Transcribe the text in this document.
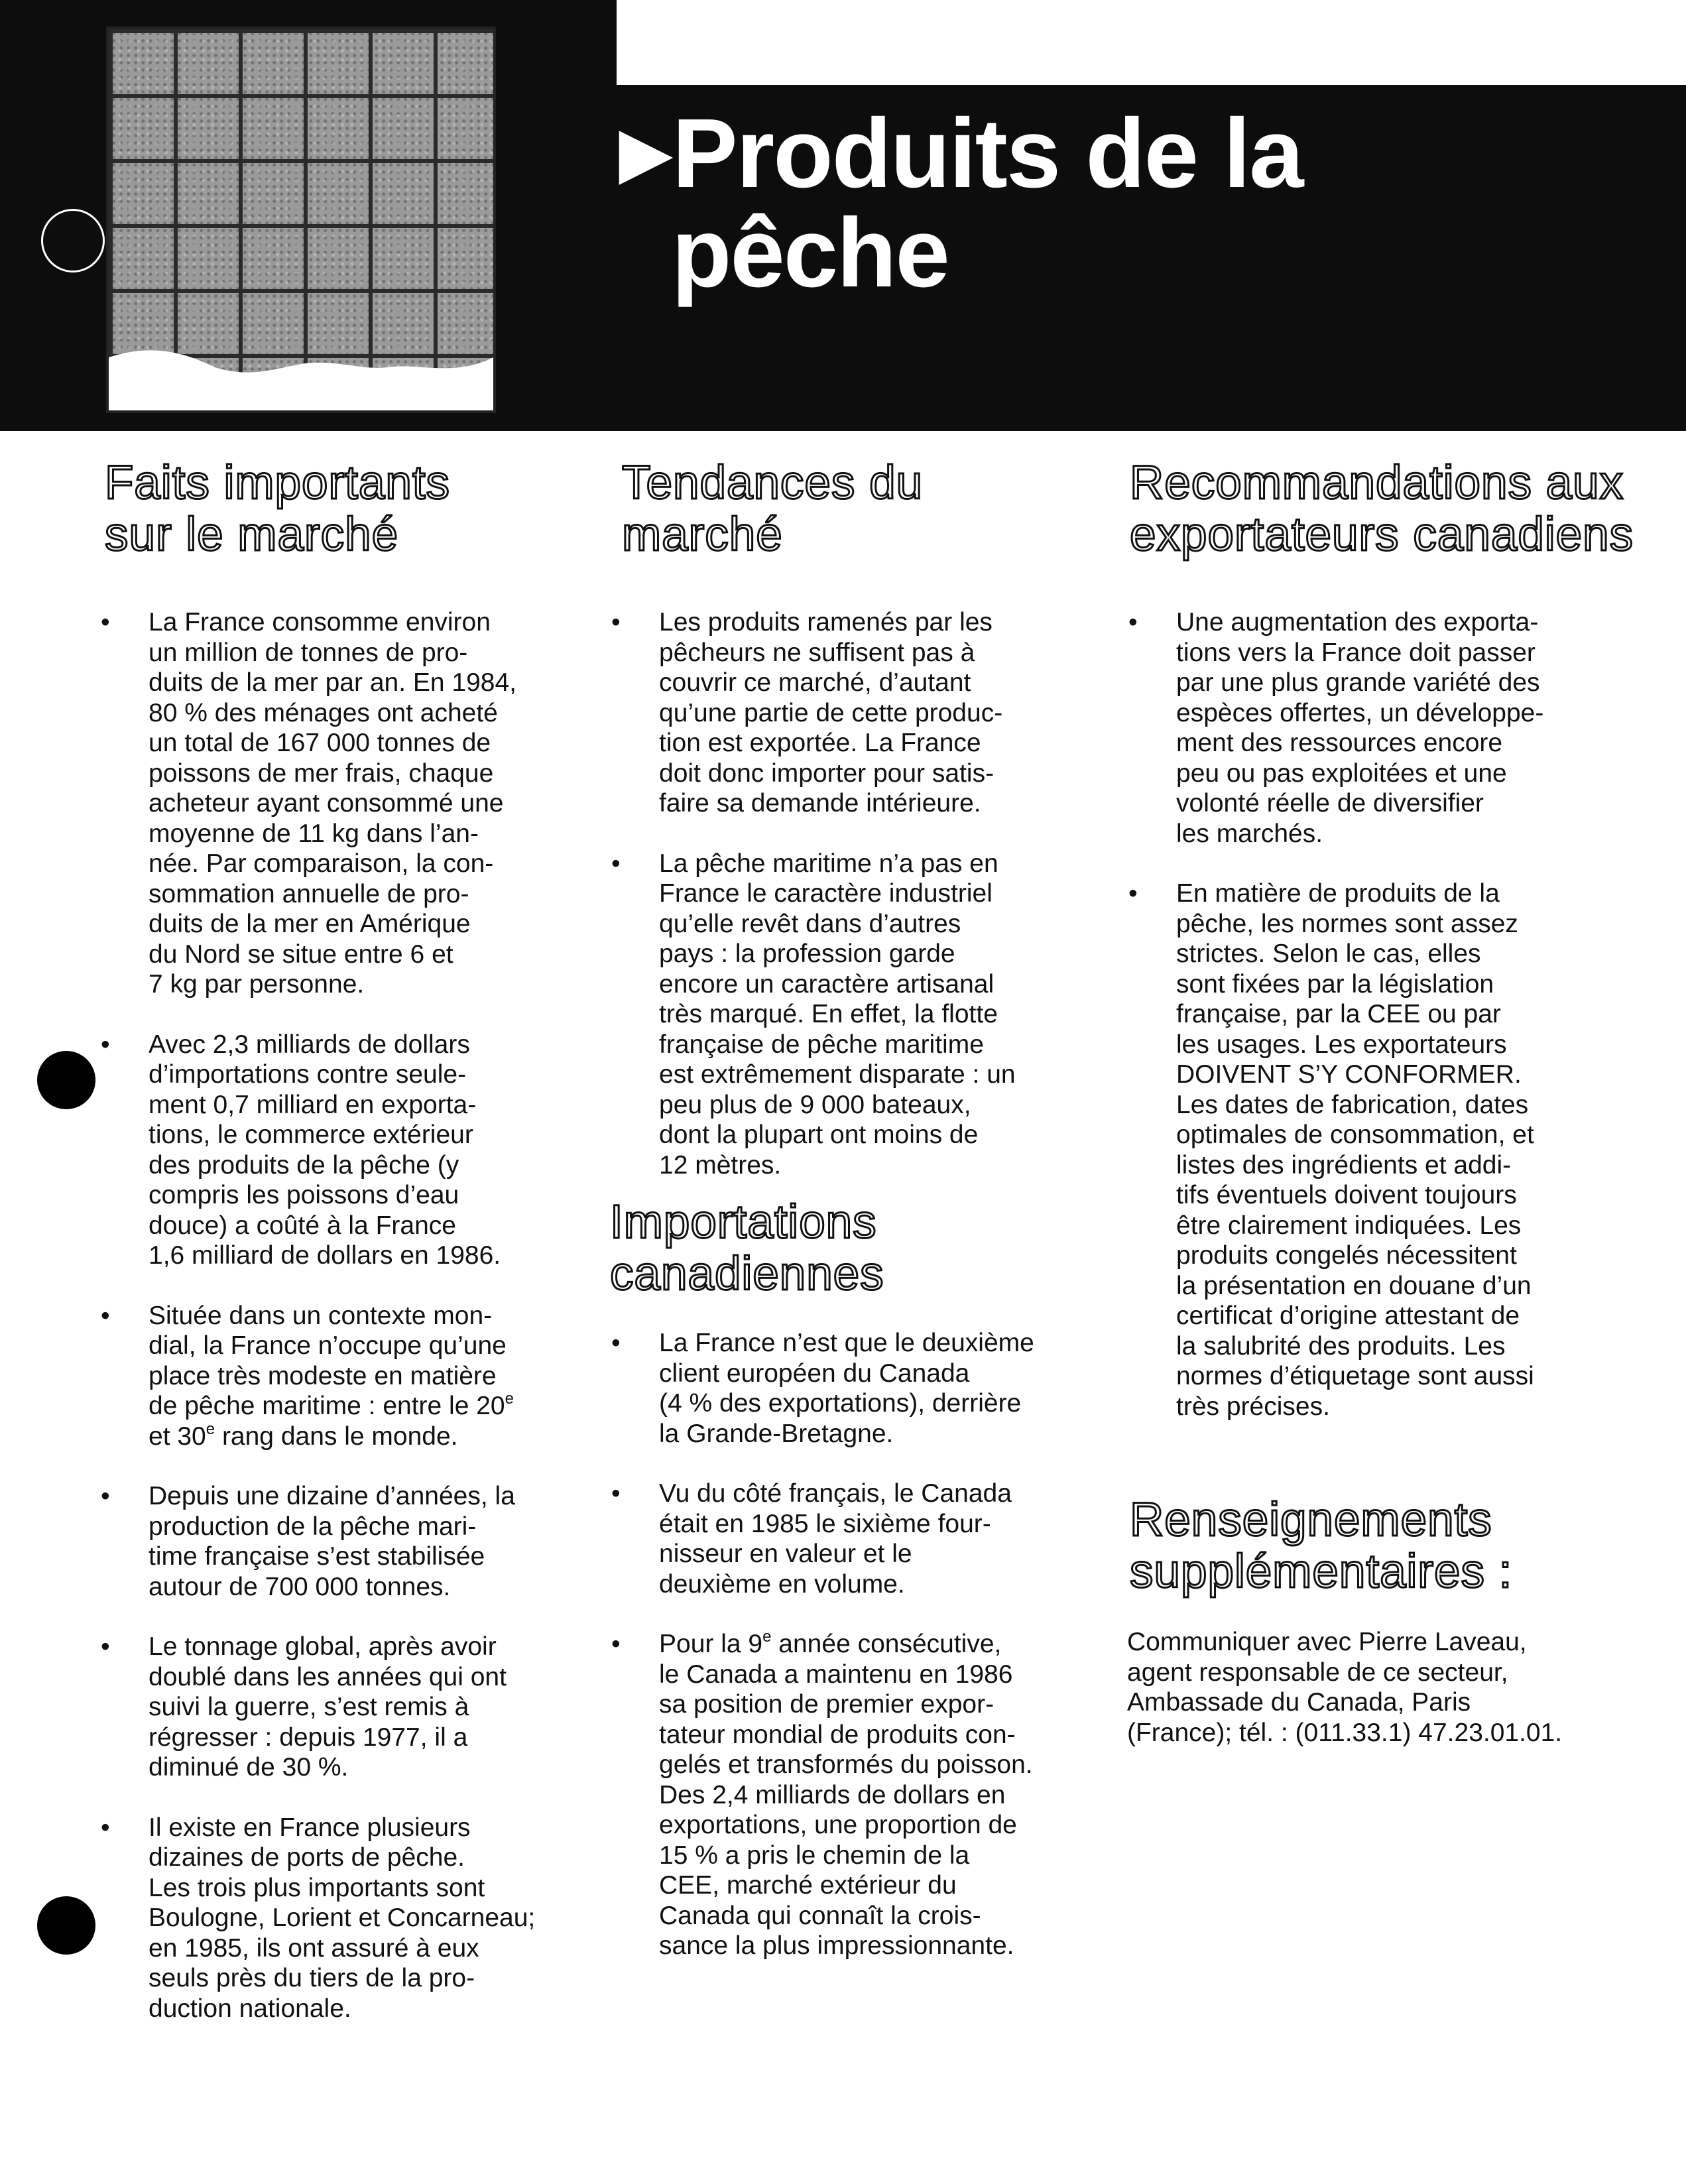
▶Produits de la
pêche
Faits importants
sur le marché
• La France consomme environ
un million de tonnes de pro-
duits de la mer par an. En 1984,
80 % des ménages ont acheté
un total de 167 000 tonnes de
poissons de mer frais, chaque
acheteur ayant consommé une
moyenne de 11 kg dans l’an-
née. Par comparaison, la con-
sommation annuelle de pro-
duits de la mer en Amérique
du Nord se situe entre 6 et
7 kg par personne.
• Avec 2,3 milliards de dollars
d’importations contre seule-
ment 0,7 milliard en exporta-
tions, le commerce extérieur
des produits de la pêche (y
compris les poissons d’eau
douce) a coûté à la France
1,6 milliard de dollars en 1986.
• Située dans un contexte mon-
dial, la France n’occupe qu’une
place très modeste en matière
de pêche maritime : entre le 20e
et 30e rang dans le monde.
• Depuis une dizaine d’années, la
production de la pêche mari-
time française s’est stabilisée
autour de 700 000 tonnes.
• Le tonnage global, après avoir
doublé dans les années qui ont
suivi la guerre, s’est remis à
régresser : depuis 1977, il a
diminué de 30 %.
• Il existe en France plusieurs
dizaines de ports de pêche.
Les trois plus importants sont
Boulogne, Lorient et Concarneau;
en 1985, ils ont assuré à eux
seuls près du tiers de la pro-
duction nationale.
Tendances du
marché
• Les produits ramenés par les
pêcheurs ne suffisent pas à
couvrir ce marché, d’autant
qu’une partie de cette produc-
tion est exportée. La France
doit donc importer pour satis-
faire sa demande intérieure.
• La pêche maritime n’a pas en
France le caractère industriel
qu’elle revêt dans d’autres
pays : la profession garde
encore un caractère artisanal
très marqué. En effet, la flotte
française de pêche maritime
est extrêmement disparate : un
peu plus de 9 000 bateaux,
dont la plupart ont moins de
12 mètres.
Importations
canadiennes
• La France n’est que le deuxième
client européen du Canada
(4 % des exportations), derrière
la Grande-Bretagne.
• Vu du côté français, le Canada
était en 1985 le sixième four-
nisseur en valeur et le
deuxième en volume.
• Pour la 9e année consécutive,
le Canada a maintenu en 1986
sa position de premier expor-
tateur mondial de produits con-
gelés et transformés du poisson.
Des 2,4 milliards de dollars en
exportations, une proportion de
15 % a pris le chemin de la
CEE, marché extérieur du
Canada qui connaît la crois-
sance la plus impressionnante.
Recommandations aux
exportateurs canadiens
• Une augmentation des exporta-
tions vers la France doit passer
par une plus grande variété des
espèces offertes, un développe-
ment des ressources encore
peu ou pas exploitées et une
volonté réelle de diversifier
les marchés.
• En matière de produits de la
pêche, les normes sont assez
strictes. Selon le cas, elles
sont fixées par la législation
française, par la CEE ou par
les usages. Les exportateurs
DOIVENT S’Y CONFORMER.
Les dates de fabrication, dates
optimales de consommation, et
listes des ingrédients et addi-
tifs éventuels doivent toujours
être clairement indiquées. Les
produits congelés nécessitent
la présentation en douane d’un
certificat d’origine attestant de
la salubrité des produits. Les
normes d’étiquetage sont aussi
très précises.
Renseignements
supplémentaires :

Communiquer avec Pierre Laveau,
agent responsable de ce secteur,
Ambassade du Canada, Paris
(France); tél. : (011.33.1) 47.23.01.01.
